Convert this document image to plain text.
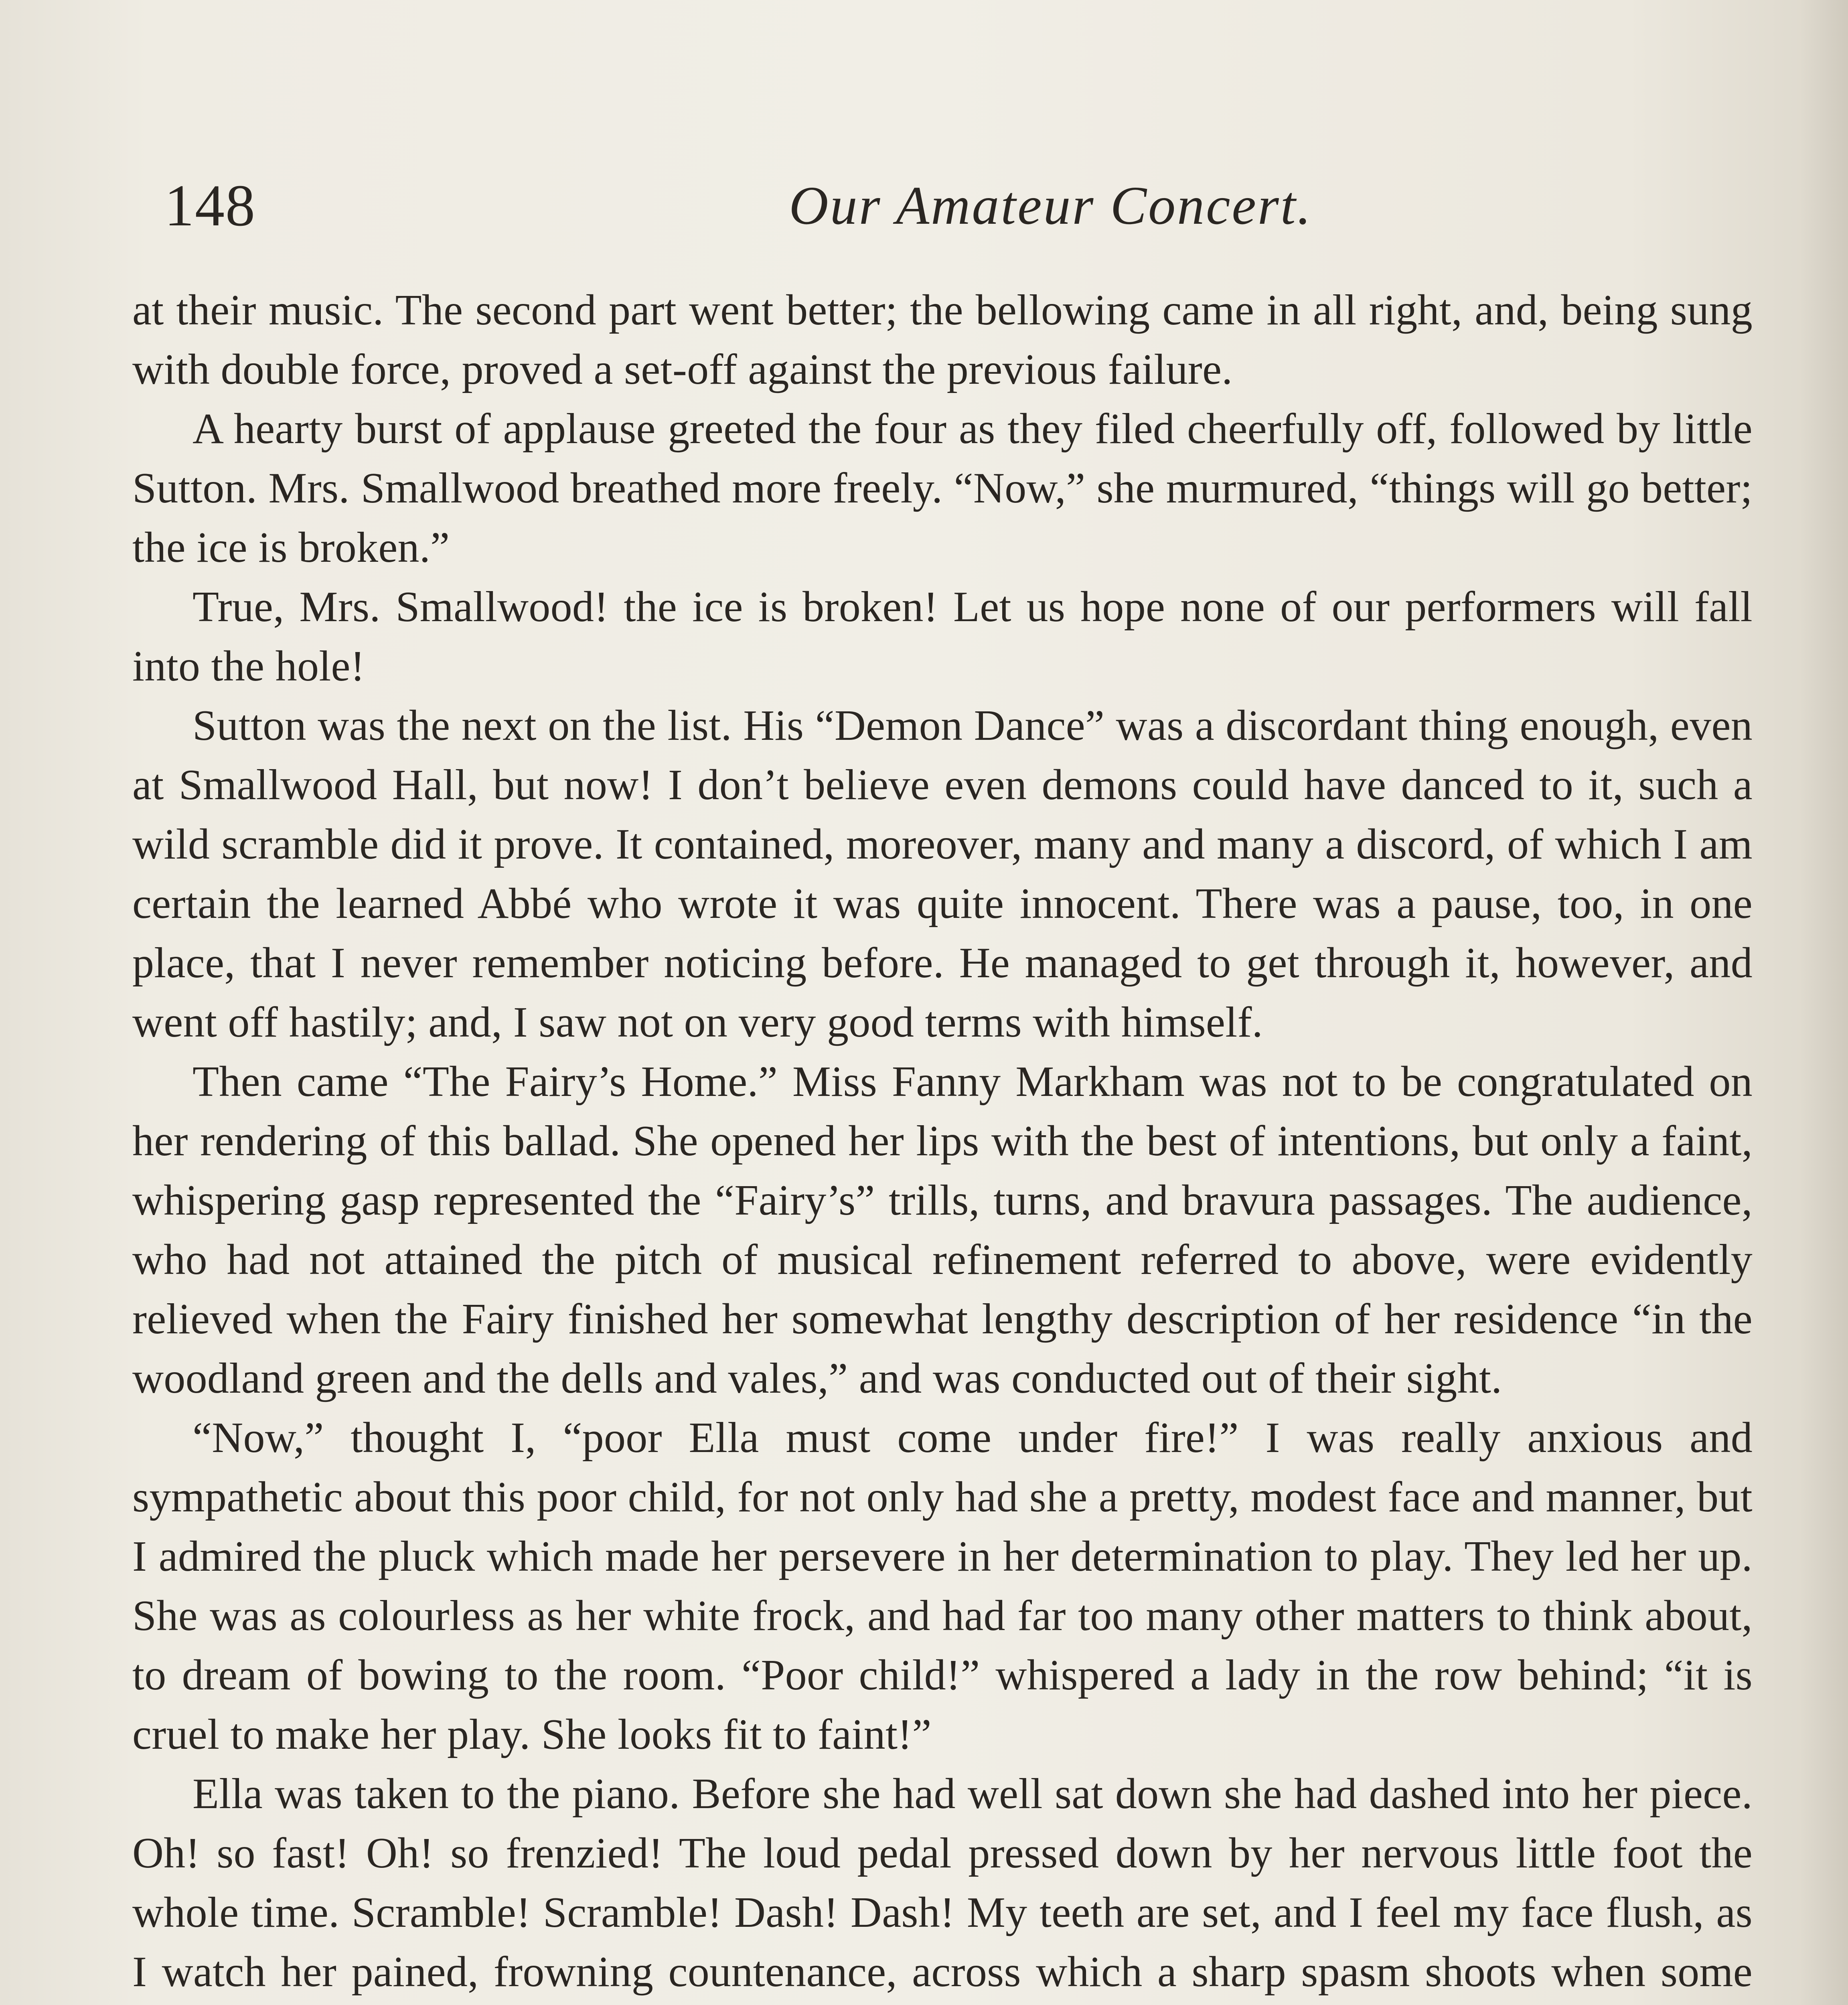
148	Our Amateur Concert.

at their music. The second part went better; the bellowing came in all right, and, being sung with double force, proved a set-off against the previous failure.

A hearty burst of applause greeted the four as they filed cheerfully off, followed by little Sutton. Mrs. Smallwood breathed more freely. “Now,” she murmured, “things will go better; the ice is broken.”

True, Mrs. Smallwood! the ice is broken! Let us hope none of our performers will fall into the hole!

Sutton was the next on the list. His “Demon Dance” was a discordant thing enough, even at Smallwood Hall, but now! I don’t believe even demons could have danced to it, such a wild scramble did it prove. It contained, moreover, many and many a discord, of which I am certain the learned Abbé who wrote it was quite innocent. There was a pause, too, in one place, that I never remember noticing before. He managed to get through it, however, and went off hastily; and, I saw not on very good terms with himself.

Then came “The Fairy’s Home.” Miss Fanny Markham was not to be congratulated on her rendering of this ballad. She opened her lips with the best of intentions, but only a faint, whispering gasp represented the “Fairy’s” trills, turns, and bravura passages. The audience, who had not attained the pitch of musical refinement referred to above, were evidently relieved when the Fairy finished her somewhat lengthy description of her residence “in the woodland green and the dells and vales,” and was conducted out of their sight.

“Now,” thought I, “poor Ella must come under fire!” I was really anxious and sympathetic about this poor child, for not only had she a pretty, modest face and manner, but I admired the pluck which made her persevere in her determination to play. They led her up. She was as colourless as her white frock, and had far too many other matters to think about, to dream of bowing to the room. “Poor child!” whispered a lady in the row behind; “it is cruel to make her play. She looks fit to faint!”

Ella was taken to the piano. Before she had well sat down she had dashed into her piece. Oh! so fast! Oh! so frenzied! The loud pedal pressed down by her nervous little foot the whole time. Scramble! Scramble! Dash! Dash! My teeth are set, and I feel my face flush, as I watch her pained, frowning countenance, across which a sharp spasm shoots when some
